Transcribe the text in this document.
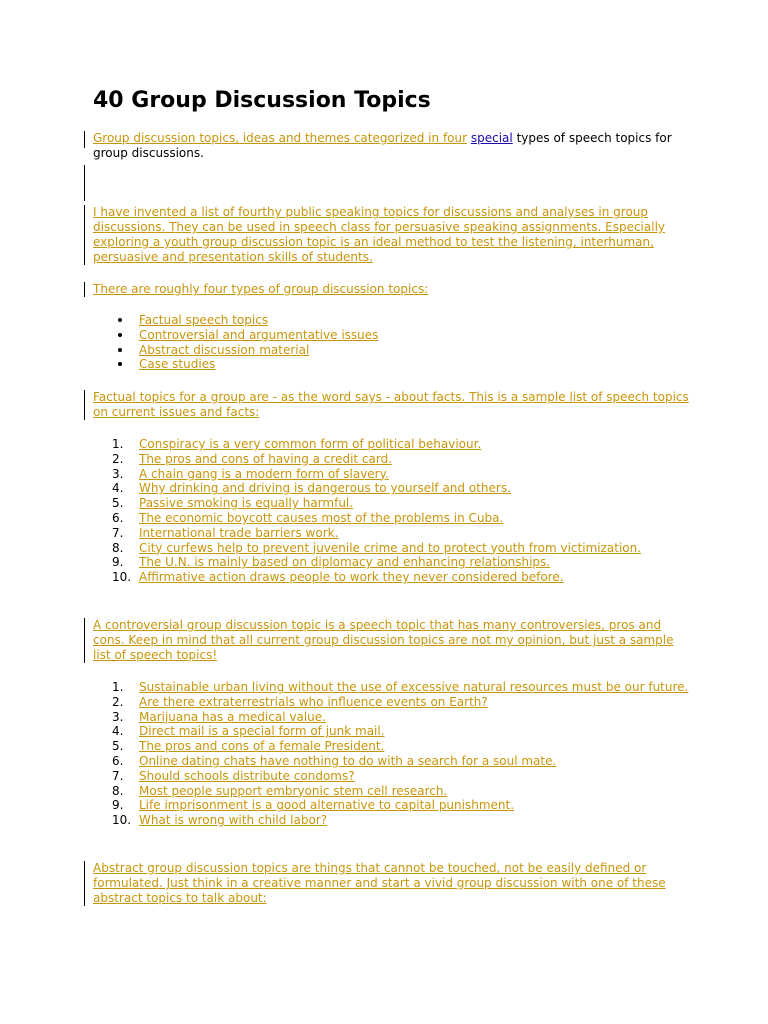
40 Group Discussion Topics

Group discussion topics, ideas and themes categorized in four special types of speech topics for group discussions.

I have invented a list of fourthy public speaking topics for discussions and analyses in group discussions. They can be used in speech class for persuasive speaking assignments. Especially exploring a youth group discussion topic is an ideal method to test the listening, interhuman, persuasive and presentation skills of students.

There are roughly four types of group discussion topics:

Factual speech topics
Controversial and argumentative issues
Abstract discussion material
Case studies

Factual topics for a group are - as the word says - about facts. This is a sample list of speech topics on current issues and facts:

1.	Conspiracy is a very common form of political behaviour.
2.	The pros and cons of having a credit card.
3.	A chain gang is a modern form of slavery.
4.	Why drinking and driving is dangerous to yourself and others.
5.	Passive smoking is equally harmful.
6.	The economic boycott causes most of the problems in Cuba.
7.	International trade barriers work.
8.	City curfews help to prevent juvenile crime and to protect youth from victimization.
9.	The U.N. is mainly based on diplomacy and enhancing relationships.
10. Affirmative action draws people to work they never considered before.

A controversial group discussion topic is a speech topic that has many controversies, pros and cons. Keep in mind that all current group discussion topics are not my opinion, but just a sample list of speech topics!

1.	Sustainable urban living without the use of excessive natural resources must be our future.
2.	Are there extraterrestrials who influence events on Earth?
3.	Marijuana has a medical value.
4.	Direct mail is a special form of junk mail.
5.	The pros and cons of a female President.
6.	Online dating chats have nothing to do with a search for a soul mate.
7.	Should schools distribute condoms?
8.	Most people support embryonic stem cell research.
9.	Life imprisonment is a good alternative to capital punishment.
10. What is wrong with child labor?

Abstract group discussion topics are things that cannot be touched, not be easily defined or formulated. Just think in a creative manner and start a vivid group discussion with one of these abstract topics to talk about:
